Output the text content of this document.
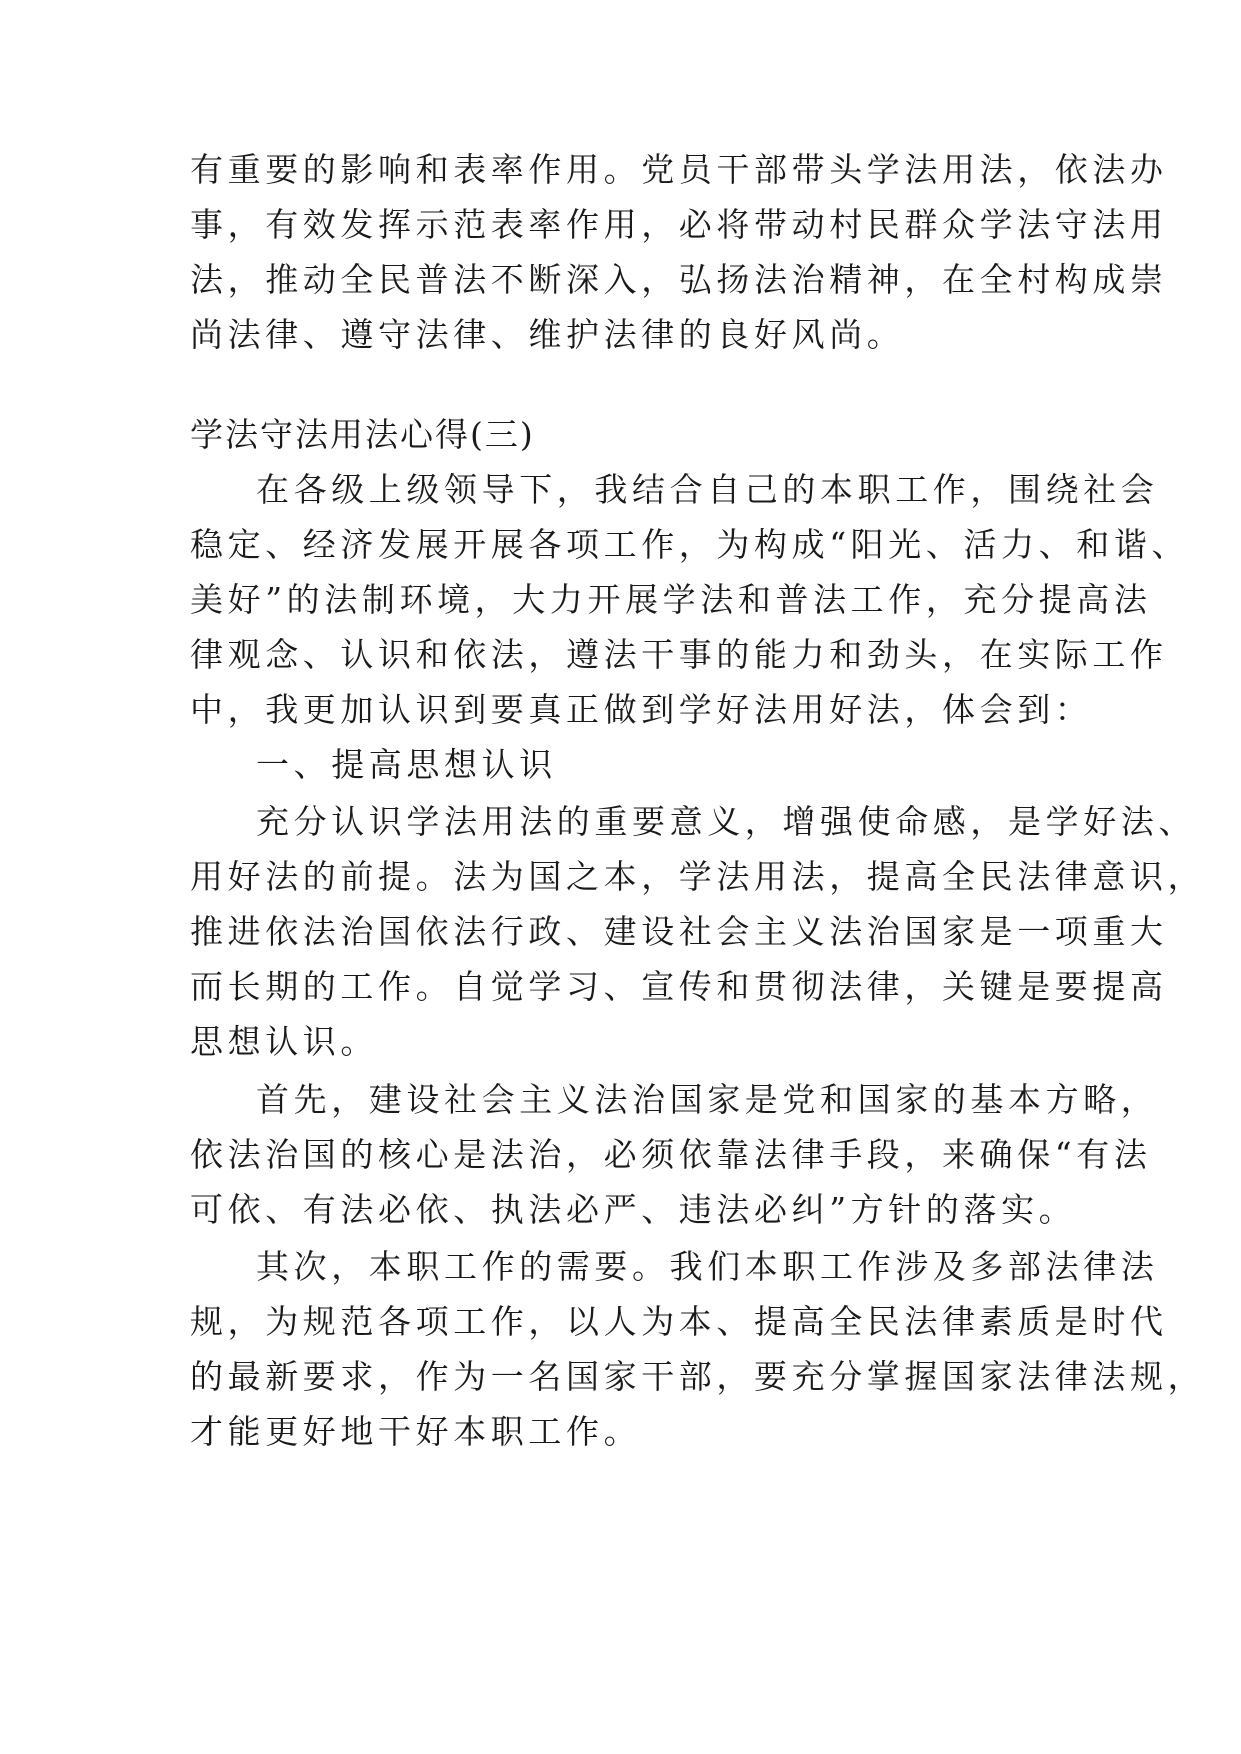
有重要的影响和表率作用。党员干部带头学法用法，依法办
事，有效发挥示范表率作用，必将带动村民群众学法守法用
法，推动全民普法不断深入，弘扬法治精神，在全村构成崇
尚法律、遵守法律、维护法律的良好风尚。
学法守法用法心得(三)
在各级上级领导下，我结合自己的本职工作，围绕社会
稳定、经济发展开展各项工作，为构成“阳光、活力、和谐、
美好”的法制环境，大力开展学法和普法工作，充分提高法
律观念、认识和依法，遵法干事的能力和劲头，在实际工作
中，我更加认识到要真正做到学好法用好法，体会到：
一、提高思想认识
充分认识学法用法的重要意义，增强使命感，是学好法、
用好法的前提。法为国之本，学法用法，提高全民法律意识，
推进依法治国依法行政、建设社会主义法治国家是一项重大
而长期的工作。自觉学习、宣传和贯彻法律，关键是要提高
思想认识。
首先，建设社会主义法治国家是党和国家的基本方略，
依法治国的核心是法治，必须依靠法律手段，来确保“有法
可依、有法必依、执法必严、违法必纠”方针的落实。
其次，本职工作的需要。我们本职工作涉及多部法律法
规，为规范各项工作，以人为本、提高全民法律素质是时代
的最新要求，作为一名国家干部，要充分掌握国家法律法规，
才能更好地干好本职工作。
